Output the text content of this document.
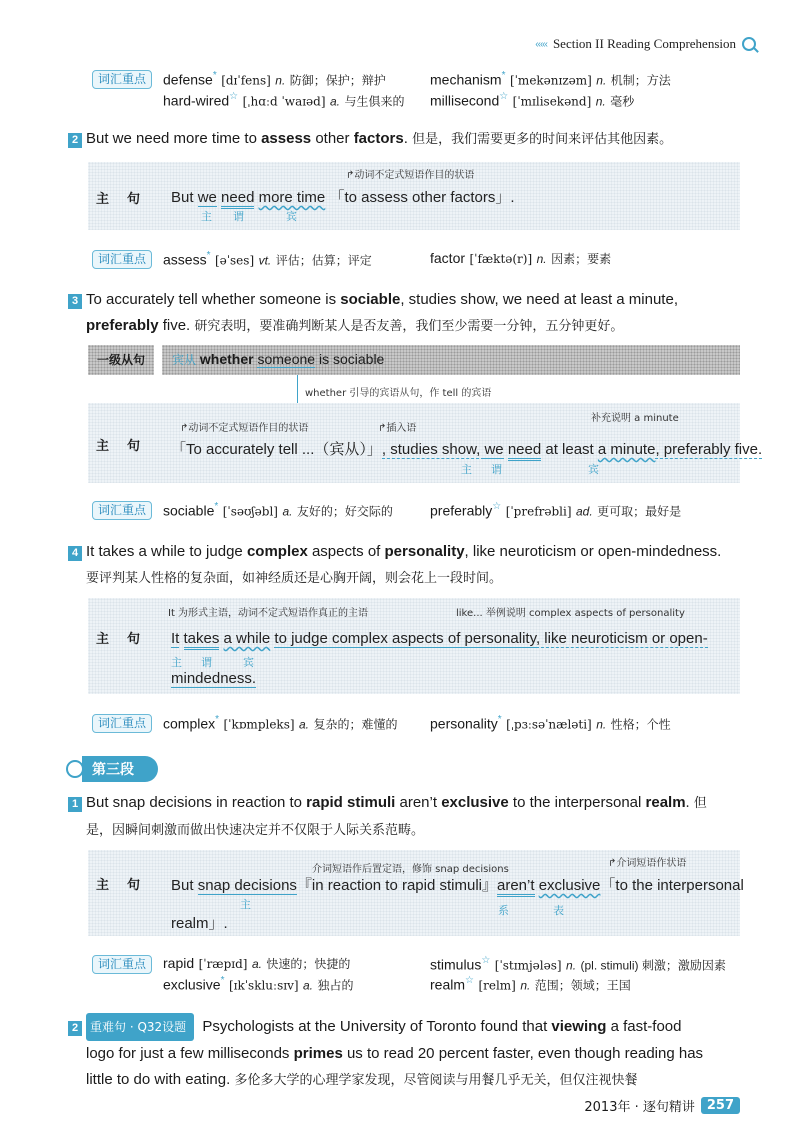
‹‹‹‹‹ Section II Reading Comprehension
词汇重点	defense* [dɪˈfens] n. 防御；保护；辩护	mechanism* [ˈmekənɪzəm] n. 机制；方法
hard-wired☆ [ˌhɑːd ˈwaɪəd] a. 与生俱来的 millisecond☆ [ˈmɪlisekənd] n. 毫秒
2 But we need more time to assess other factors. 但是，我们需要更多的时间来评估其他因素。
主句
↱动词不定式短语作目的状语
But we need more time 「to assess other factors」.
主 谓	宾
词汇重点	assess* [əˈses] vt. 评估；估算；评定	factor [ˈfæktə(r)] n. 因素；要素
3 To accurately tell whether someone is sociable, studies show, we need at least a minute,
preferably five. 研究表明，要准确判断某人是否友善，我们至少需要一分钟，五分钟更好。
一级从句	宾从 whether someone is sociable
whether 引导的宾语从句，作 tell 的宾语
主句
↱动词不定式短语作目的状语	↱插入语
补充说明 a minute
「To accurately tell ...（宾从）」, studies show, we need at least a minute, preferably five.
主 谓	宾
词汇重点	sociable* [ˈsəʊʃəbl] a. 友好的；好交际的	preferably☆ [ˈprefrəbli] ad. 更可取；最好是
4 It takes a while to judge complex aspects of personality, like neuroticism or open-mindedness.
要评判某人性格的复杂面，如神经质还是心胸开阔，则会花上一段时间。
主句
It 为形式主语，动词不定式短语作真正的主语	like... 举例说明 complex aspects of personality
It takes a while to judge complex aspects of personality, like neuroticism or open-
主 谓 宾
mindedness.
词汇重点	complex* [ˈkɒmpleks] a. 复杂的；难懂的 personality* [ˌpɜːsəˈnæləti] n. 性格；个性
第三段
1 But snap decisions in reaction to rapid stimuli aren’t exclusive to the interpersonal realm. 但
是，因瞬间刺激而做出快速决定并不仅限于人际关系范畴。
主句
介词短语作后置定语，修饰 snap decisions
↱介词短语作状语
But snap decisions『in reaction to rapid stimuli』aren’t exclusive「to the interpersonal
主	系	表
realm」.
词汇重点	rapid [ˈræpɪd] a. 快速的；快捷的	stimulus☆ [ˈstɪmjələs] n. (pl. stimuli) 刺激；激励因素
exclusive* [ɪkˈskluːsɪv] a. 独占的	realm☆ [relm] n. 范围；领域；王国
2 重难句 · Q32设题 Psychologists at the University of Toronto found that viewing a fast-food
logo for just a few milliseconds primes us to read 20 percent faster, even though reading has
little to do with eating. 多伦多大学的心理学家发现，尽管阅读与用餐几乎无关，但仅注视快餐
2013年 · 逐句精讲 257
